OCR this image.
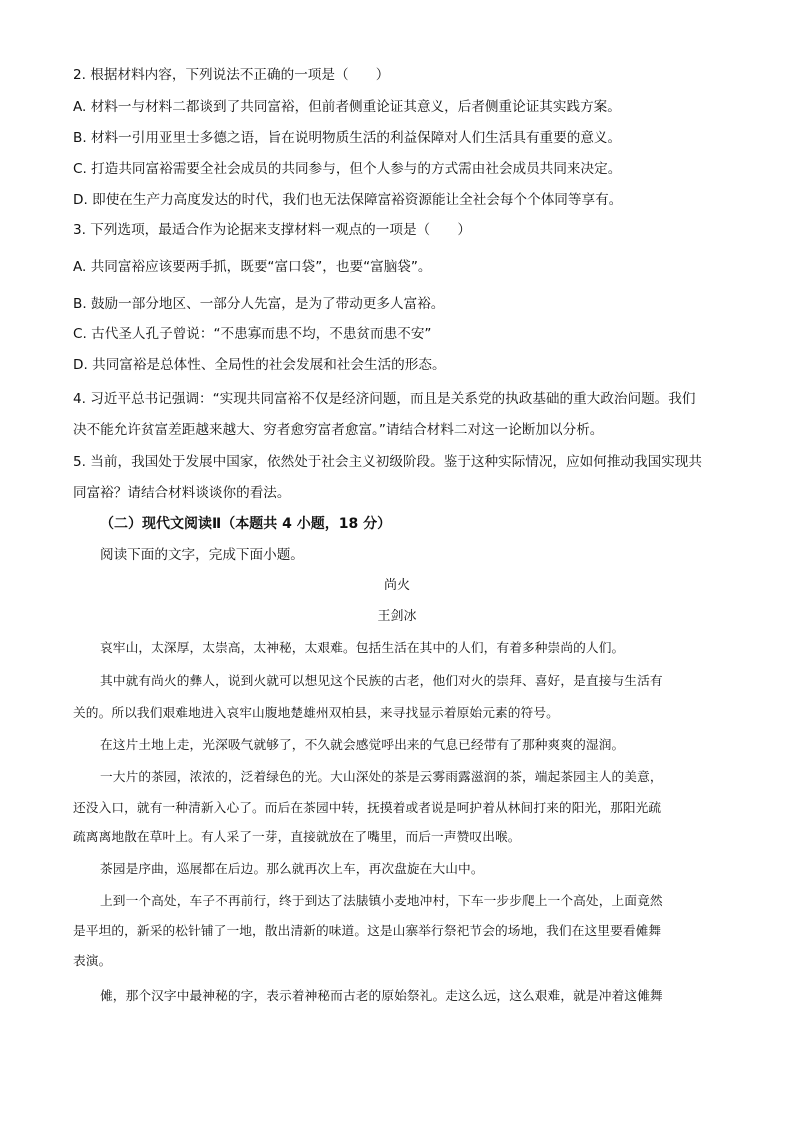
2. 根据材料内容，下列说法不正确的一项是（　　）
A. 材料一与材料二都谈到了共同富裕，但前者侧重论证其意义，后者侧重论证其实践方案。
B. 材料一引用亚里士多德之语，旨在说明物质生活的利益保障对人们生活具有重要的意义。
C. 打造共同富裕需要全社会成员的共同参与，但个人参与的方式需由社会成员共同来决定。
D. 即使在生产力高度发达的时代，我们也无法保障富裕资源能让全社会每个个体同等享有。
3. 下列选项，最适合作为论据来支撑材料一观点的一项是（　　）
A. 共同富裕应该要两手抓，既要“富口袋”，也要“富脑袋”。
B. 鼓励一部分地区、一部分人先富，是为了带动更多人富裕。
C. 古代圣人孔子曾说：“不患寡而患不均，不患贫而患不安”
D. 共同富裕是总体性、全局性的社会发展和社会生活的形态。
4. 习近平总书记强调：“实现共同富裕不仅是经济问题，而且是关系党的执政基础的重大政治问题。我们
决不能允许贫富差距越来越大、穷者愈穷富者愈富。”请结合材料二对这一论断加以分析。
5. 当前，我国处于发展中国家，依然处于社会主义初级阶段。鉴于这种实际情况，应如何推动我国实现共
同富裕？请结合材料谈谈你的看法。
（二）现代文阅读Ⅱ（本题共 4 小题，18 分）
阅读下面的文字，完成下面小题。
尚火
王剑冰
哀牢山，太深厚，太崇高，太神秘，太艰难。包括生活在其中的人们，有着多种崇尚的人们。
其中就有尚火的彝人，说到火就可以想见这个民族的古老，他们对火的崇拜、喜好，是直接与生活有
关的。所以我们艰难地进入哀牢山腹地楚雄州双柏县，来寻找显示着原始元素的符号。
在这片土地上走，光深吸气就够了，不久就会感觉呼出来的气息已经带有了那种爽爽的湿润。
一大片的茶园，浓浓的，泛着绿色的光。大山深处的茶是云雾雨露滋润的茶，端起茶园主人的美意，
还没入口，就有一种清新入心了。而后在茶园中转，抚摸着或者说是呵护着从林间打来的阳光，那阳光疏
疏离离地散在草叶上。有人采了一芽，直接就放在了嘴里，而后一声赞叹出喉。
茶园是序曲，巡展都在后边。那么就再次上车，再次盘旋在大山中。
上到一个高处，车子不再前行，终于到达了法脿镇小麦地冲村，下车一步步爬上一个高处，上面竟然
是平坦的，新采的松针铺了一地，散出清新的味道。这是山寨举行祭祀节会的场地，我们在这里要看傩舞
表演。
傩，那个汉字中最神秘的字，表示着神秘而古老的原始祭礼。走这么远，这么艰难，就是冲着这傩舞
